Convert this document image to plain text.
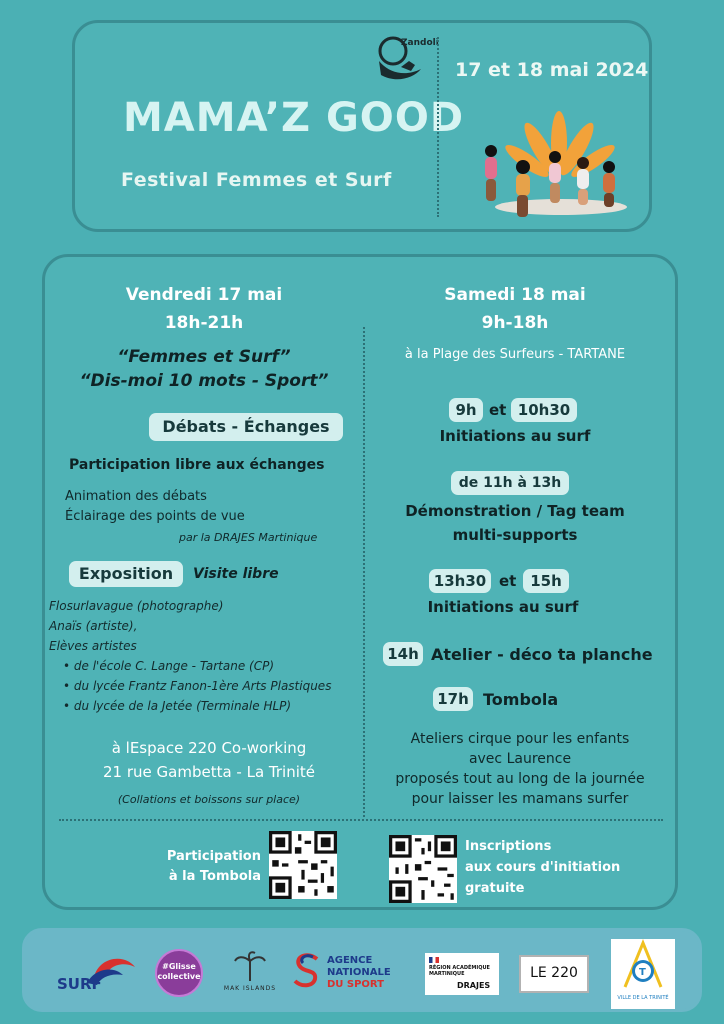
Zandoli
MAMA’Z GOOD
Festival Femmes et Surf
17 et 18 mai 2024
Vendredi 17 mai
18h-21h
“Femmes et Surf”
“Dis-moi 10 mots - Sport”
Débats - Échanges
Participation libre aux échanges
Animation des débats
Éclairage des points de vue
par la DRAJES Martinique
Exposition	Visite libre
Flosurlavague (photographe)
Anaïs (artiste),
Elèves artistes
• de l'école C. Lange - Tartane (CP)
• du lycée Frantz Fanon-1ère Arts Plastiques
• du lycée de la Jetée (Terminale HLP)
à lEspace 220 Co-working
21 rue Gambetta - La Trinité
(Collations et boissons sur place)
Samedi 18 mai
9h-18h
à la Plage des Surfeurs - TARTANE
9h et 10h30
Initiations au surf
de 11h à 13h
Démonstration / Tag team
multi-supports
13h30 et 15h
Initiations au surf
14h Atelier - déco ta planche
17h Tombola
Ateliers cirque pour les enfants
avec Laurence
proposés tout au long de la journée
pour laisser les mamans surfer
Participation
à la Tombola
Inscriptions
aux cours d'initiation
gratuite
SURF
#Glisse collective
MAK ISLANDS
AGENCE
NATIONALE
DU SPORT
RÉGION ACADÉMIQUE
MARTINIQUE
DRAJES
LE 220	T
VILLE DE LA TRINITÉ
